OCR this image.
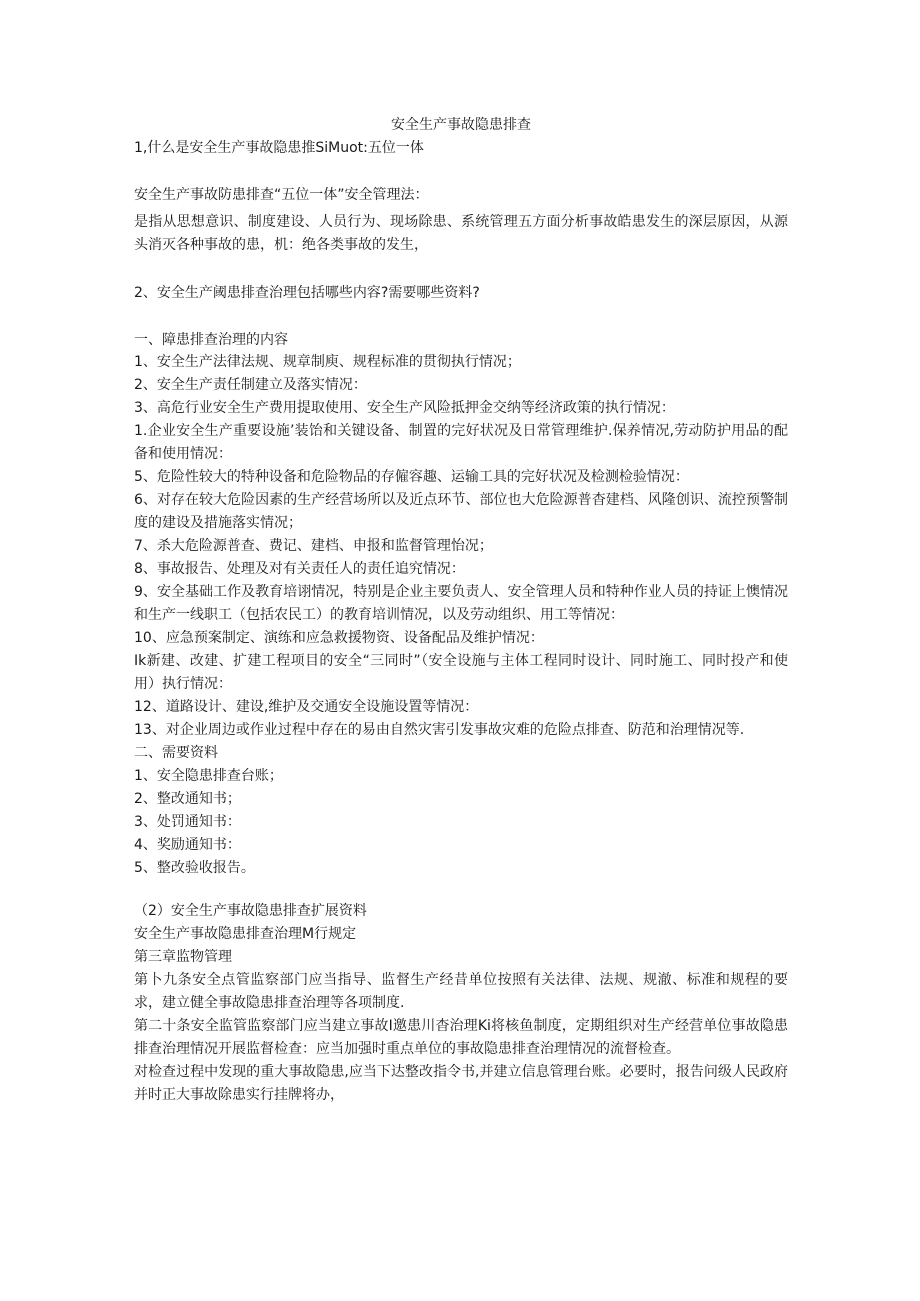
安全生产事故隐患排查

1,什么是安全生产事故隐患推SiMuot:五位一体

安全生产事故防患排查“五位一体”安全管理法：

是指从思想意识、制度建设、人员行为、现场除患、系统管理五方面分析事故皓患发生的深层原因，从源头消灭各种事故的患，机：绝各类事故的发生，

2、安全生产阈患排查治理包括哪些内容?需要哪些资料?

一、障患排查治理的内容

1、安全生产法律法规、规章制庾、规程标准的贯彻执行情况；

2、安全生产责任制建立及落实情况：

3、高危行业安全生产费用提取使用、安全生产风险抵押金交纳等经济政策的执行情况：

1.企业安全生产重要设施’装饴和关键设备、制置的完好状况及日常管理维护.保养情况,劳动防护用品的配备和使用情况：

5、危险性较大的特种设备和危险物品的存僱容趣、运输工具的完好状况及检测检验情况：

6、对存在较大危险因素的生产经营场所以及近点环节、部位也大危险源普杳建档、风隆创识、流控预警制度的建设及措施落实情况；

7、杀大危险源普查、费记、建档、申报和监督管理怡况；

8、事故报告、处理及对有关责任人的责任追究情况：

9、安全基础工作及教育培诩情况，特别是企业主要负责人、安全管理人员和特种作业人员的持证上懊情况和生产一线职工（包括农民工）的教育培训情况，以及劳动组织、用工等情况：

10、应急预案制定、演练和应急救援物资、设备配品及维护情况：

Ik新建、改建、扩建工程项目的安全“三同时”（安全设施与主体工程同时设计、同时施工、同时投产和使用）执行情况：

12、道路设计、建设,维护及交通安全设施设置等情况：

13、对企业周边或作业过程中存在的易由自然灾害引发事故灾难的危险点排查、防范和治理情况等.

二、需要资料

1、安全隐患排查台账；

2、整改通知书；

3、处罚通知书：

4、奖励通知书：

5、整改验收报告。

（2）安全生产事故隐患排查扩展资料

安全生产事故隐患排查治理M行规定

第三章监物管理

第卜九条安全点管监察部门应当指导、监督生产经昔单位按照有关法律、法规、规澈、标准和规程的要求，建立健全事故隐患排查治理等各项制度.

第二十条安全监管监察部门应当建立事故I邀患川杳治理Ki将核鱼制度，定期组织对生产经营单位事故隐患排查治理情况开展监督检查：应当加强时重点单位的事故隐患排查治理情况的流督检查。

对检查过程中发现的重大事故隐患,应当下达整改指令书,并建立信息管理台账。必要时，报告问级人民政府并时正大事故除患实行挂牌将办，
